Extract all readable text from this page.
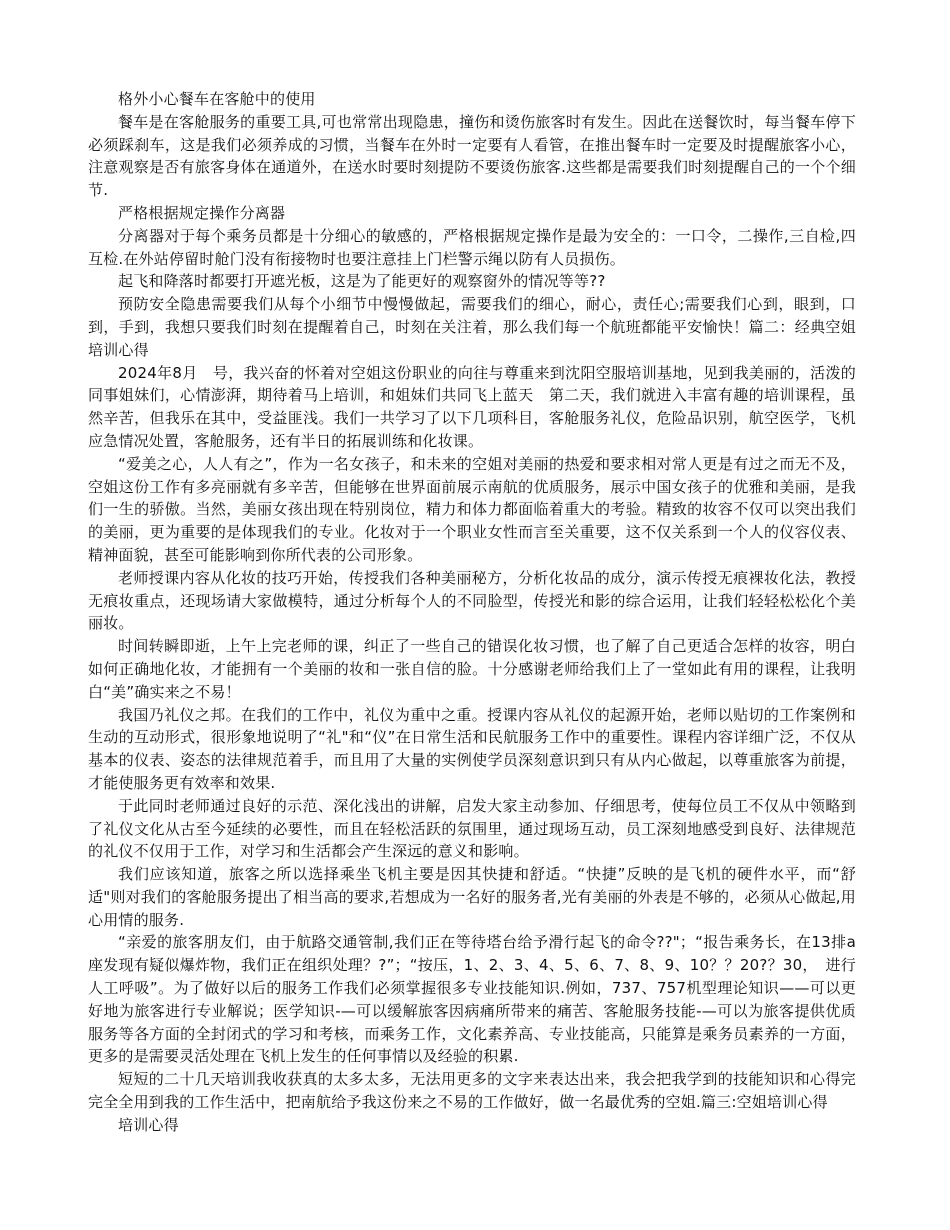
格外小心餐车在客舱中的使用

餐车是在客舱服务的重要工具,可也常常出现隐患，撞伤和烫伤旅客时有发生。因此在送餐饮时，每当餐车停下必须踩刹车，这是我们必须养成的习惯，当餐车在外时一定要有人看管，在推出餐车时一定要及时提醒旅客小心，注意观察是否有旅客身体在通道外，在送水时要时刻提防不要烫伤旅客.这些都是需要我们时刻提醒自己的一个个细节.

严格根据规定操作分离器

分离器对于每个乘务员都是十分细心的敏感的，严格根据规定操作是最为安全的：一口令，二操作,三自检,四互检.在外站停留时舱门没有衔接物时也要注意挂上门栏警示绳以防有人员损伤。

起飞和降落时都要打开遮光板，这是为了能更好的观察窗外的情况等等??

预防安全隐患需要我们从每个小细节中慢慢做起，需要我们的细心，耐心，责任心;需要我们心到，眼到，口到，手到，我想只要我们时刻在提醒着自己，时刻在关注着，那么我们每一个航班都能平安愉快！篇二：经典空姐培训心得

2024年8月　号，我兴奋的怀着对空姐这份职业的向往与尊重来到沈阳空服培训基地，见到我美丽的，活泼的同事姐妹们，心情澎湃，期待着马上培训，和姐妹们共同飞上蓝天　第二天，我们就进入丰富有趣的培训课程，虽然辛苦，但我乐在其中，受益匪浅。我们一共学习了以下几项科目，客舱服务礼仪，危险品识别，航空医学，飞机应急情况处置，客舱服务，还有半日的拓展训练和化妆课。

“爱美之心，人人有之”，作为一名女孩子，和未来的空姐对美丽的热爱和要求相对常人更是有过之而无不及，空姐这份工作有多亮丽就有多辛苦，但能够在世界面前展示南航的优质服务，展示中国女孩子的优雅和美丽，是我们一生的骄傲。当然，美丽女孩出现在特别岗位，精力和体力都面临着重大的考验。精致的妆容不仅可以突出我们的美丽，更为重要的是体现我们的专业。化妆对于一个职业女性而言至关重要，这不仅关系到一个人的仪容仪表、精神面貌，甚至可能影响到你所代表的公司形象。

老师授课内容从化妆的技巧开始，传授我们各种美丽秘方，分析化妆品的成分，演示传授无痕裸妆化法，教授无痕妆重点，还现场请大家做模特，通过分析每个人的不同脸型，传授光和影的综合运用，让我们轻轻松松化个美丽妆。

时间转瞬即逝，上午上完老师的课，纠正了一些自己的错误化妆习惯，也了解了自己更适合怎样的妆容，明白如何正确地化妆，才能拥有一个美丽的妆和一张自信的脸。十分感谢老师给我们上了一堂如此有用的课程，让我明白“美”确实来之不易！

我国乃礼仪之邦。在我们的工作中，礼仪为重中之重。授课内容从礼仪的起源开始，老师以贴切的工作案例和生动的互动形式，很形象地说明了“礼"和“仪”在日常生活和民航服务工作中的重要性。课程内容详细广泛，不仅从基本的仪表、姿态的法律规范着手，而且用了大量的实例使学员深刻意识到只有从内心做起，以尊重旅客为前提，才能使服务更有效率和效果.

于此同时老师通过良好的示范、深化浅出的讲解，启发大家主动参加、仔细思考，使每位员工不仅从中领略到了礼仪文化从古至今延续的必要性，而且在轻松活跃的氛围里，通过现场互动，员工深刻地感受到良好、法律规范的礼仪不仅用于工作，对学习和生活都会产生深远的意义和影响。

我们应该知道，旅客之所以选择乘坐飞机主要是因其快捷和舒适。“快捷”反映的是飞机的硬件水平，而“舒适"则对我们的客舱服务提出了相当高的要求,若想成为一名好的服务者,光有美丽的外表是不够的，必须从心做起,用心用情的服务.

“亲爱的旅客朋友们，由于航路交通管制,我们正在等待塔台给予滑行起飞的命令??"；“报告乘务长，在13排a座发现有疑似爆炸物，我们正在组织处理？?”；“按压，1、2、3、4、5、6、7、8、9、10？？20?？30，　进行人工呼吸”。为了做好以后的服务工作我们必须掌握很多专业技能知识.例如，737、757机型理论知识——可以更好地为旅客进行专业解说；医学知识-—可以缓解旅客因病痛所带来的痛苦、客舱服务技能-—可以为旅客提供优质服务等各方面的全封闭式的学习和考核，而乘务工作，文化素养高、专业技能高，只能算是乘务员素养的一方面，更多的是需要灵活处理在飞机上发生的任何事情以及经验的积累.

短短的二十几天培训我收获真的太多太多，无法用更多的文字来表达出来，我会把我学到的技能知识和心得完完全全用到我的工作生活中，把南航给予我这份来之不易的工作做好，做一名最优秀的空姐.篇三:空姐培训心得

培训心得
